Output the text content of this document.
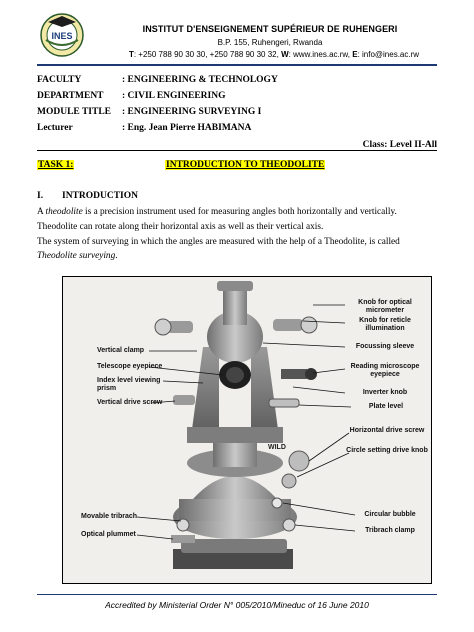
INES
INSTITUT D'ENSEIGNEMENT SUPÉRIEUR DE RUHENGERI
B.P. 155, Ruhengeri, Rwanda
T: +250 788 90 30 30, +250 788 90 30 32, W: www.ines.ac.rw, E: info@ines.ac.rw
FACULTY	: ENGINEERING & TECHNOLOGY
DEPARTMENT : CIVIL ENGINEERING
MODULE TITLE : ENGINEERING SURVEYING I
Lecturer	: Eng. Jean Pierre HABIMANA
Class: Level II-All
TASK 1:	INTRODUCTION TO THEODOLITE
I. INTRODUCTION
A theodolite is a precision instrument used for measuring angles both horizontally and vertically.
Theodolite can rotate along their horizontal axis as well as their vertical axis.
The system of surveying in which the angles are measured with the help of a Theodolite, is called
Theodolite surveying.
WILD
Vertical clamp
Telescope eyepiece
Index level viewing prism
Vertical drive screw
Movable tribrach
Optical plummet
Knob for optical micrometer
Knob for reticle illumination
Focussing sleeve
Reading microscope eyepiece
Inverter knob
Plate level
Horizontal drive screw
Circle setting drive knob
Circular bubble
Tribrach clamp
Accredited by Ministerial Order N° 005/2010/Mineduc of 16 June 2010
